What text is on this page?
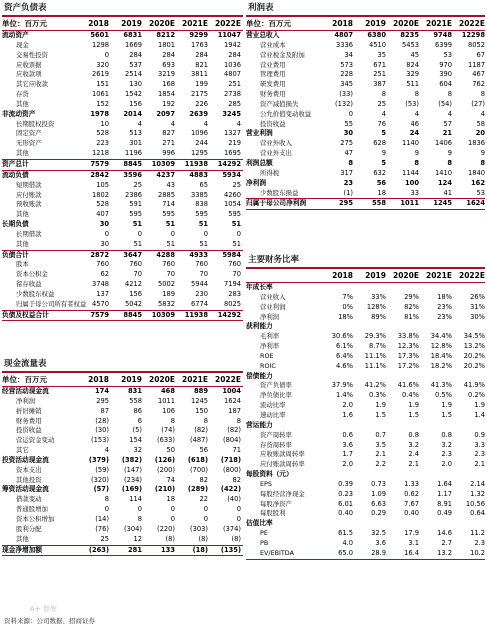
资产负债表
单位：百万元	2018	2019 2020E 2021E 2022E
流动资产	5601	6831	8212	9299	11047
现金	1298	1669	1801	1763	1942
交易性投资	0	284	284	284	284
应收票据	320	537	693	821	1036
应收款项	2619	2514	3219	3811	4807
其它应收款	151	130	168	199	251
存货	1061	1542	1854	2175	2738
其他	152	156	192	226	285
非流动资产	1978	2014	2097	2639	3245
长期股权投资	10	4	4	4	4
固定资产	528	513	827	1096	1327
无形资产	223	301	271	244	219
其他	1218	1196	996	1295	1695
资产总计	7579	8845	10309	11938	14292
流动负债	2842	3596	4237	4883	5934
短期借款	105	25	43	65	25
应付账款	1802	2386	2885	3385	4260
预收账款	528	591	714	838	1054
其他	407	595	595	595	595
长期负债	30	51	51	51	51
长期借款	0	0	0	0	0
其他	30	51	51	51	51
负债合计	2872	3647	4288	4933	5984
股本	760	760	760	760	760
资本公积金	62	70	70	70	70
留存收益	3748	4212	5002	5944	7194
少数股东权益	137	156	189	230	283
归属于母公司所有者权益 4570	5042	5832	6774	8025
负债及权益合计	7579	8845	10309	11938	14292
现金流量表
单位：百万元	2018	2019 2020E 2021E 2022E
经营活动现金流	174	831	468	889	1004
净利润	295	558	1011	1245	1624
折旧摊销	87	86	106	150	187
财务费用	(28)	6	8	8	8
投资收益	(30)	(5)	(74)	(82)	(82)
营运资金变动	(153)	154	(633)	(487)	(804)
其它	4	32	50	56	71
投资活动现金流	(379)	(382)	(126)	(618)	(718)
资本支出	(59)	(147)	(200)	(700)	(800)
其他投资	(320)	(234)	74	82	82
筹资活动现金流	(57)	(169)	(210)	(289)	(422)
借款变动	8	114	18	22	(40)
普通股增加	0	0	0	0	0
资本公积增加	(14)	8	0	0	0
股利分配	(76)	(304)	(220)	(303)	(374)
其他	25	12	(8)	(8)	(8)
现金净增加额	(263)	281	133	(18)	(135)
利润表
单位：百万元	2018	2019 2020E 2021E 2022E
营业总收入	4807	6380	8235	9748	12298
营业成本	3336	4510	5453	6399	8052
营业税金及附加	34	35	45	53	67
营业费用	573	671	824	970	1187
管理费用	228	251	329	390	467
研发费用	345	387	511	604	762
财务费用	(33)	8	8	8	8
资产减值损失	(132)	25	(53)	(54)	(27)
公允价值变动收益	0	4	4	4	4
投资收益	55	76	46	57	58
营业利润	30	5	24	21	20
营业外收入	275	628	1140	1406	1836
营业外支出	47	9	9	9	9
利润总额	8	5	8	8	8
所得税	317	632	1144	1410	1840
净利润	23	56	100	124	162
少数股东损益	(1)	18	33	41	53
归属于母公司净利润	295	558	1011	1245	1624
主要财务比率
2018	2019 2020E 2021E 2022E
年成长率
营业收入	7%	33%	29%	18%	26%
营业利润	0%	128%	82%	23%	31%
净利润	18%	89%	81%	23%	30%
获利能力
毛利率	30.6%	29.3%	33.8%	34.4%	34.5%
净利率	6.1%	8.7%	12.3%	12.8%	13.2%
ROE	6.4%	11.1%	17.3%	18.4%	20.2%
ROIC	4.6%	11.1%	17.2%	18.2%	20.2%
偿债能力
资产负债率	37.9%	41.2%	41.6%	41.3%	41.9%
净负债比率	1.4%	0.3%	0.4%	0.5%	0.2%
流动比率	2.0	1.9	1.9	1.9	1.9
速动比率	1.6	1.5	1.5	1.5	1.4
营运能力
资产周转率	0.6	0.7	0.8	0.8	0.9
存货周转率	3.6	3.5	3.2	3.2	3.3
应收账款周转率	1.7	2.1	2.4	2.3	2.3
应付账款周转率	2.0	2.2	2.1	2.0	2.1
每股资料（元）
EPS	0.39	0.73	1.33	1.64	2.14
每股经营净现金	0.23	1.09	0.62	1.17	1.32
每股净资产	6.01	6.63	7.67	8.91	10.56
每股股利	0.40	0.29	0.40	0.49	0.64
估值比率
PE	61.5	32.5	17.9	14.6	11.2
PB	4.0	3.6	3.1	2.7	2.3
EV/EBITDA	65.0	28.9	16.4	13.2	10.2
资料来源：公司数据、招商证券
A+ 智库
